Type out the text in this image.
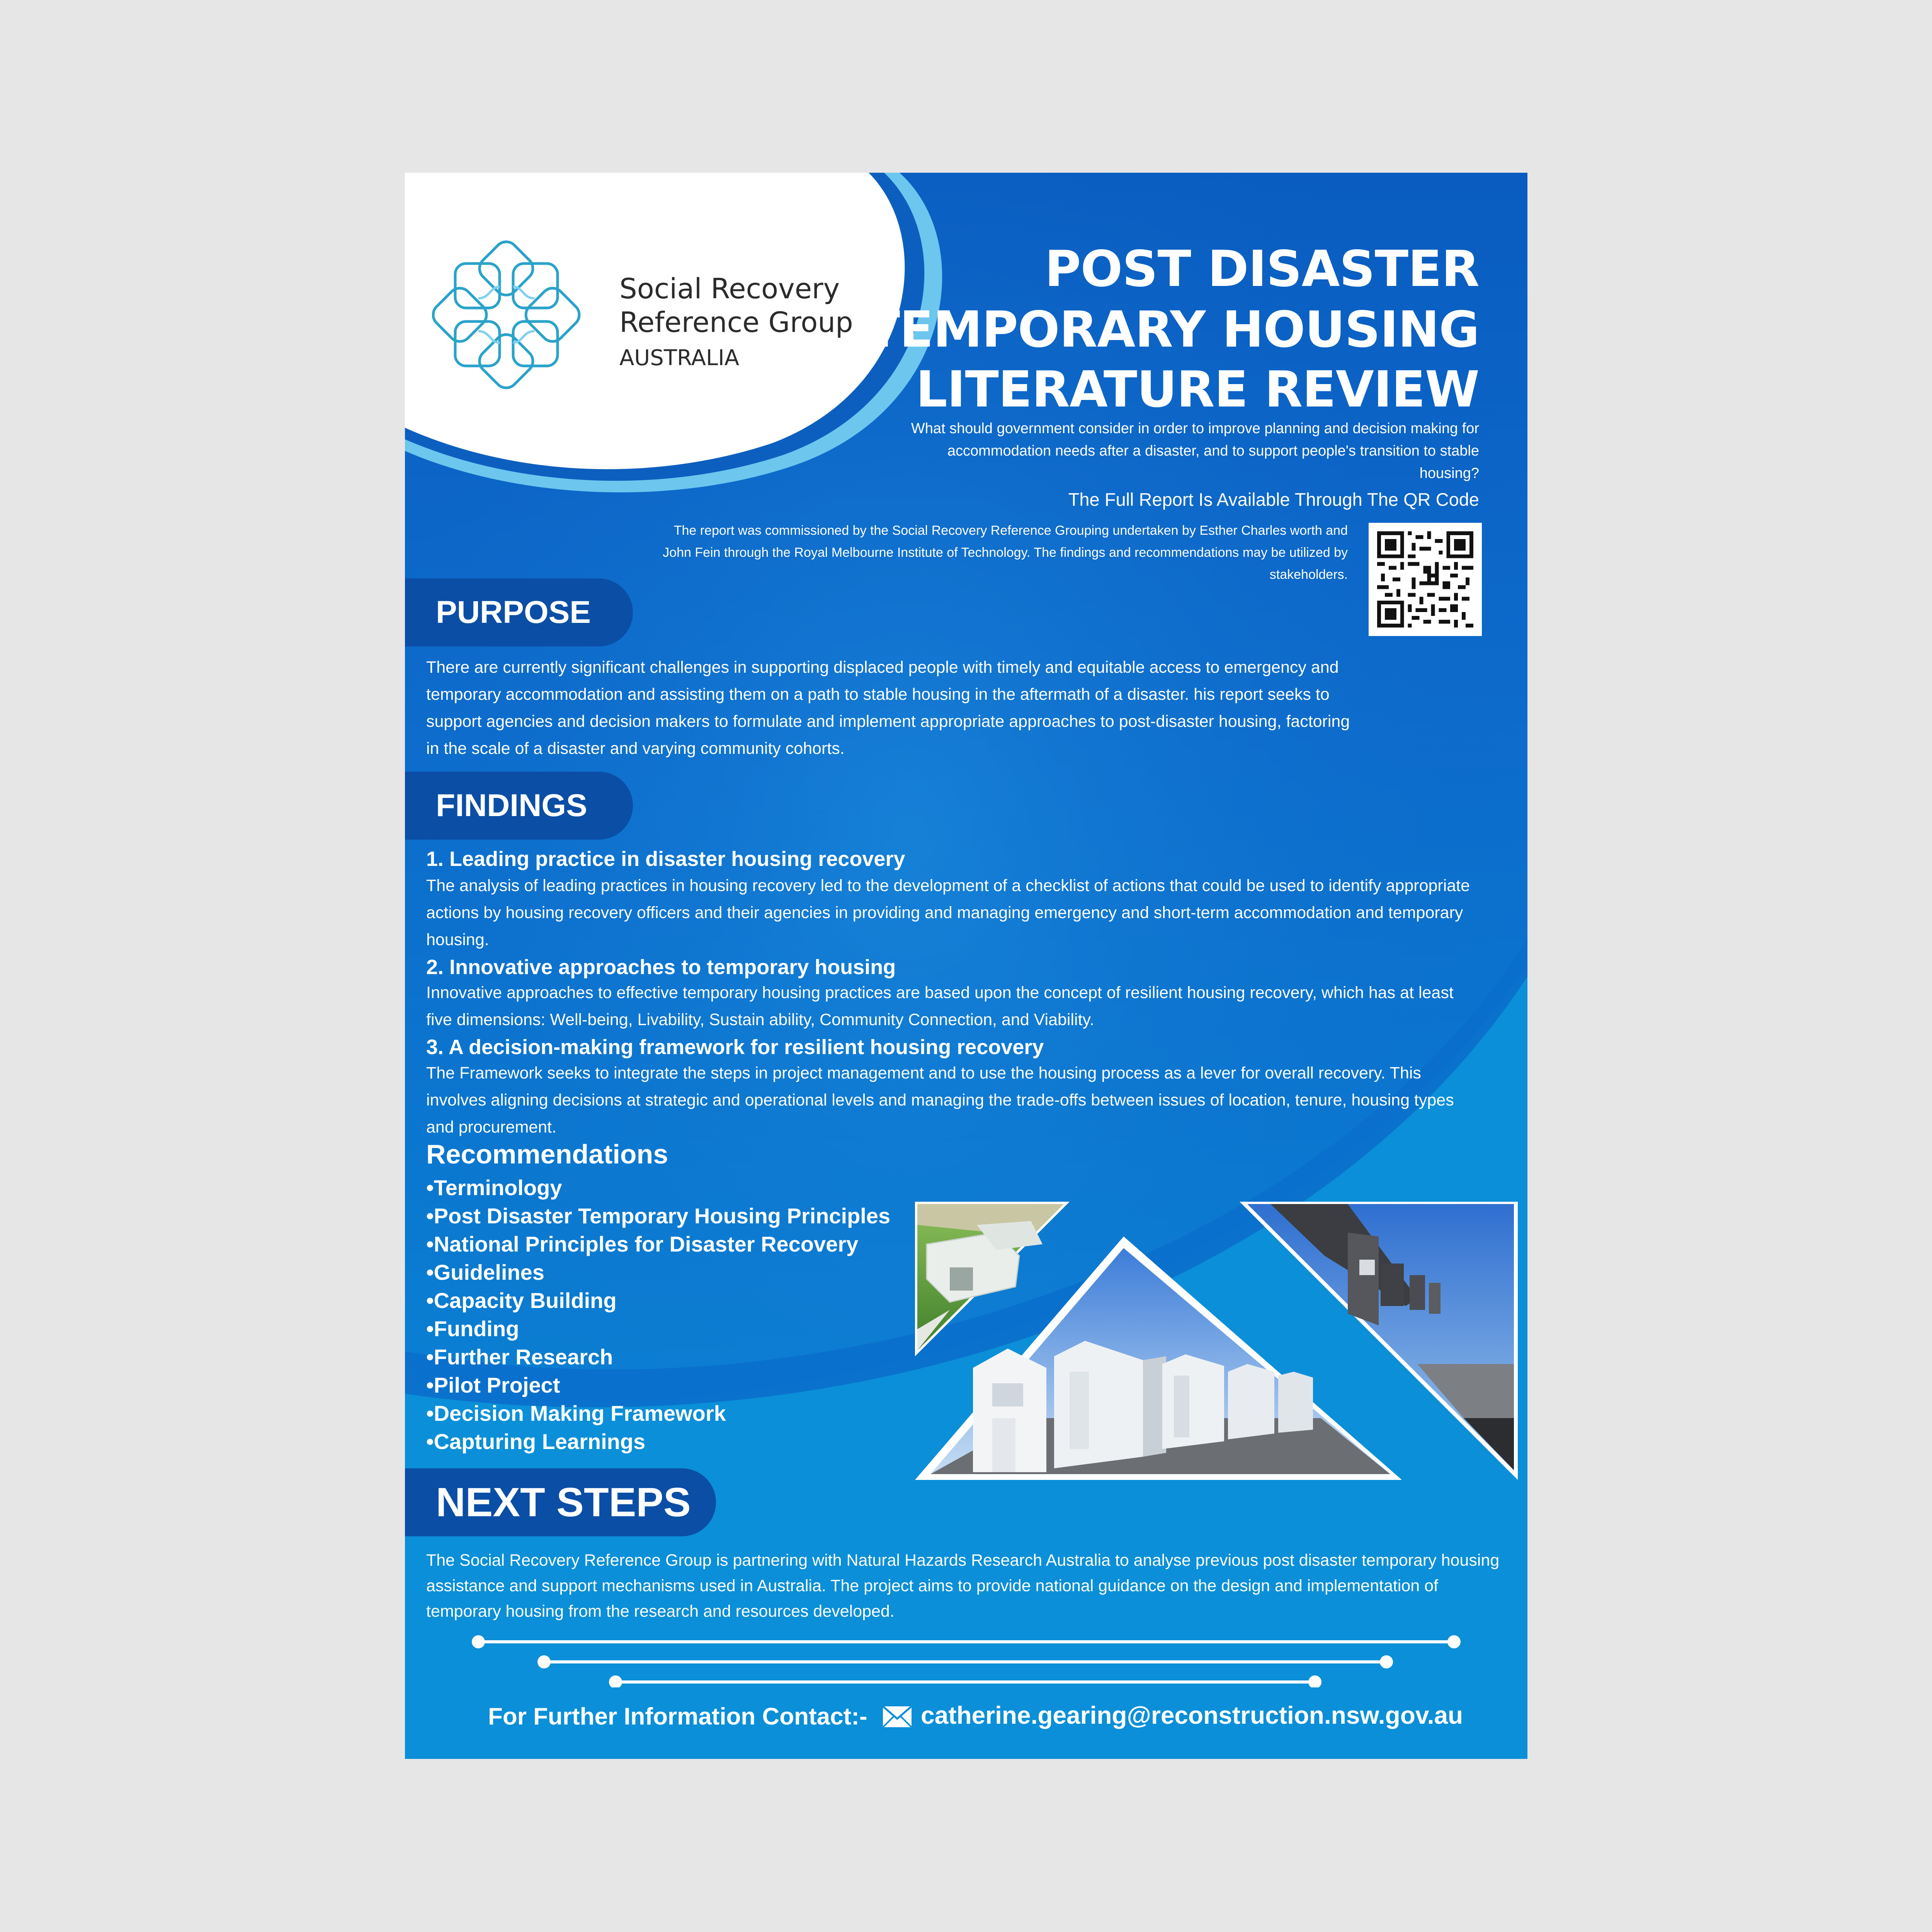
Social Recovery
Reference Group
AUSTRALIA
POST DISASTER
TEMPORARY HOUSING
LITERATURE REVIEW
What should government consider in order to improve planning and decision making for accommodation needs after a disaster, and to support people's transition to stable housing?
The Full Report Is Available Through The QR Code
The report was commissioned by the Social Recovery Reference Grouping undertaken by Esther Charles worth and John Fein through the Royal Melbourne Institute of Technology. The findings and recommendations may be utilized by stakeholders.
PURPOSE
There are currently significant challenges in supporting displaced people with timely and equitable access to emergency and temporary accommodation and assisting them on a path to stable housing in the aftermath of a disaster. his report seeks to support agencies and decision makers to formulate and implement appropriate approaches to post-disaster housing, factoring in the scale of a disaster and varying community cohorts.
FINDINGS
1. Leading practice in disaster housing recovery
The analysis of leading practices in housing recovery led to the development of a checklist of actions that could be used to identify appropriate actions by housing recovery officers and their agencies in providing and managing emergency and short-term accommodation and temporary housing.
2. Innovative approaches to temporary housing
Innovative approaches to effective temporary housing practices are based upon the concept of resilient housing recovery, which has at least five dimensions: Well-being, Livability, Sustain ability, Community Connection, and Viability.
3. A decision-making framework for resilient housing recovery
The Framework seeks to integrate the steps in project management and to use the housing process as a lever for overall recovery. This involves aligning decisions at strategic and operational levels and managing the trade-offs between issues of location, tenure, housing types and procurement.
Recommendations
•Terminology
•Post Disaster Temporary Housing Principles
•National Principles for Disaster Recovery
•Guidelines
•Capacity Building
•Funding
•Further Research
•Pilot Project
•Decision Making Framework
•Capturing Learnings
NEXT STEPS
The Social Recovery Reference Group is partnering with Natural Hazards Research Australia to analyse previous post disaster temporary housing assistance and support mechanisms used in Australia. The project aims to provide national guidance on the design and implementation of temporary housing from the research and resources developed.
For Further Information Contact:- catherine.gearing@reconstruction.nsw.gov.au
